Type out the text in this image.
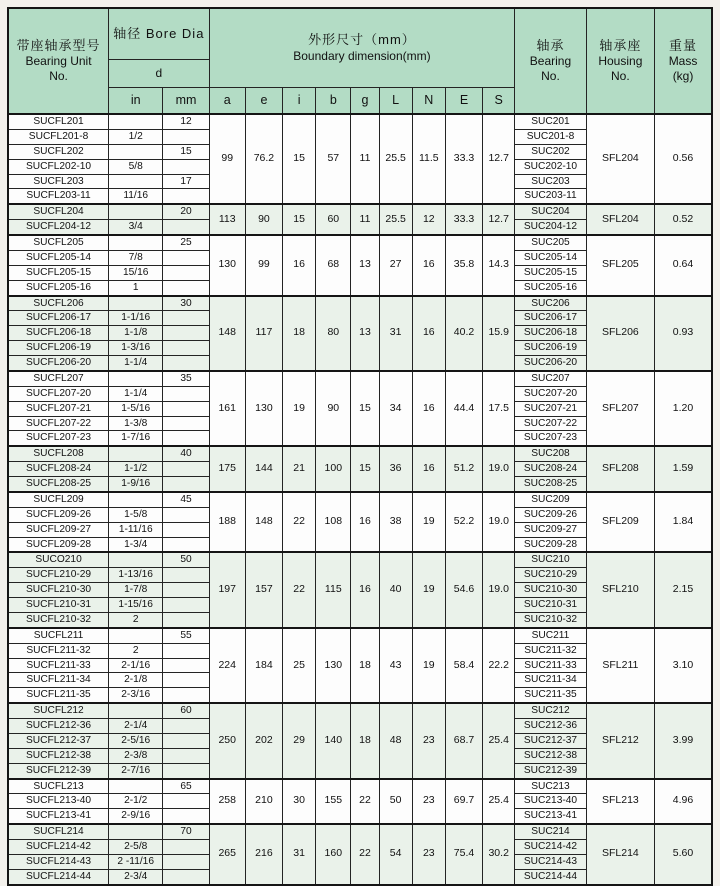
带座轴承型号
Bearing Unit
No.

轴径 Bore Dia	外形尺寸（mm）
Boundary dimension(mm)

轴承
Bearing
No.

轴承座
Housing
No.

重量
Mass
(kg)

	d													
	in	mm	a	e	i	b	g	L	N	E	S			
SUCFL201		12	99	76.2	15	57	11	25.5	11.5	33.3	12.7	SUC201	SFL204	0.56
SUCFL201-8	1/2											SUC201-8		
SUCFL202		15										SUC202		
SUCFL202-10	5/8											SUC202-10		
SUCFL203		17										SUC203		
SUCFL203-11	11/16											SUC203-11		
SUCFL204		20	113	90	15	60	11	25.5	12	33.3	12.7	SUC204	SFL204	0.52
SUCFL204-12	3/4											SUC204-12		
SUCFL205		25	130	99	16	68	13	27	16	35.8	14.3	SUC205	SFL205	0.64
SUCFL205-14	7/8											SUC205-14		
SUCFL205-15	15/16											SUC205-15		
SUCFL205-16	1											SUC205-16		
SUCFL206		30	148	117	18	80	13	31	16	40.2	15.9	SUC206	SFL206	0.93
SUCFL206-17	1-1/16											SUC206-17		
SUCFL206-18	1-1/8											SUC206-18		
SUCFL206-19	1-3/16											SUC206-19		
SUCFL206-20	1-1/4											SUC206-20		
SUCFL207		35	161	130	19	90	15	34	16	44.4	17.5	SUC207	SFL207	1.20
SUCFL207-20	1-1/4											SUC207-20		
SUCFL207-21	1-5/16											SUC207-21		
SUCFL207-22	1-3/8											SUC207-22		
SUCFL207-23	1-7/16											SUC207-23		
SUCFL208		40	175	144	21	100	15	36	16	51.2	19.0	SUC208	SFL208	1.59
SUCFL208-24	1-1/2											SUC208-24		
SUCFL208-25	1-9/16											SUC208-25		
SUCFL209		45	188	148	22	108	16	38	19	52.2	19.0	SUC209	SFL209	1.84
SUCFL209-26	1-5/8											SUC209-26		
SUCFL209-27	1-11/16											SUC209-27		
SUCFL209-28	1-3/4											SUC209-28		
SUCO210		50	197	157	22	115	16	40	19	54.6	19.0	SUC210	SFL210	2.15
SUCFL210-29	1-13/16											SUC210-29		
SUCFL210-30	1-7/8											SUC210-30		
SUCFL210-31	1-15/16											SUC210-31		
SUCFL210-32	2											SUC210-32		
SUCFL211		55	224	184	25	130	18	43	19	58.4	22.2	SUC211	SFL211	3.10
SUCFL211-32	2											SUC211-32		
SUCFL211-33	2-1/16											SUC211-33		
SUCFL211-34	2-1/8											SUC211-34		
SUCFL211-35	2-3/16											SUC211-35		
SUCFL212		60	250	202	29	140	18	48	23	68.7	25.4	SUC212	SFL212	3.99
SUCFL212-36	2-1/4											SUC212-36		
SUCFL212-37	2-5/16											SUC212-37		
SUCFL212-38	2-3/8											SUC212-38		
SUCFL212-39	2-7/16											SUC212-39		
SUCFL213		65	258	210	30	155	22	50	23	69.7	25.4	SUC213	SFL213	4.96
SUCFL213-40	2-1/2											SUC213-40		
SUCFL213-41	2-9/16											SUC213-41		
SUCFL214		70	265	216	31	160	22	54	23	75.4	30.2	SUC214	SFL214	5.60
SUCFL214-42	2-5/8											SUC214-42		
SUCFL214-43	2 -11/16											SUC214-43		
SUCFL214-44	2-3/4											SUC214-44		
